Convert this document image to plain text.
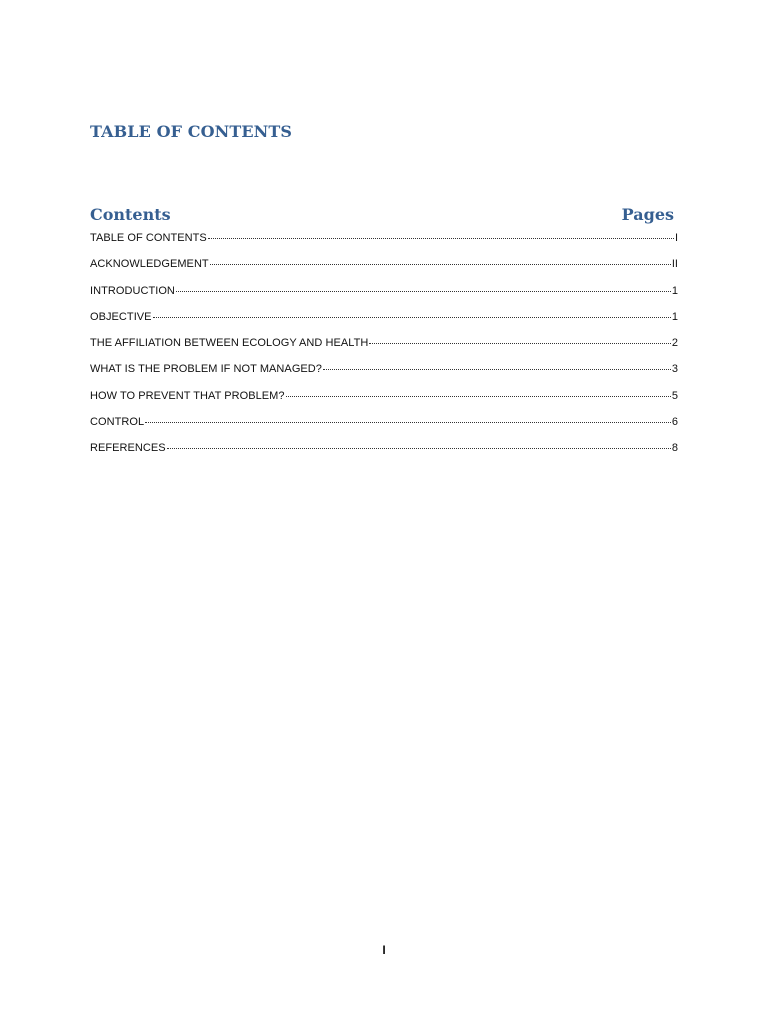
TABLE OF CONTENTS
Contents	Pages
TABLE OF CONTENTS	I
ACKNOWLEDGEMENT	II
INTRODUCTION	1
OBJECTIVE	1
THE AFFILIATION BETWEEN ECOLOGY AND HEALTH	2
WHAT IS THE PROBLEM IF NOT MANAGED?	3
HOW TO PREVENT THAT PROBLEM?	5
CONTROL	6
REFERENCES	8
I
